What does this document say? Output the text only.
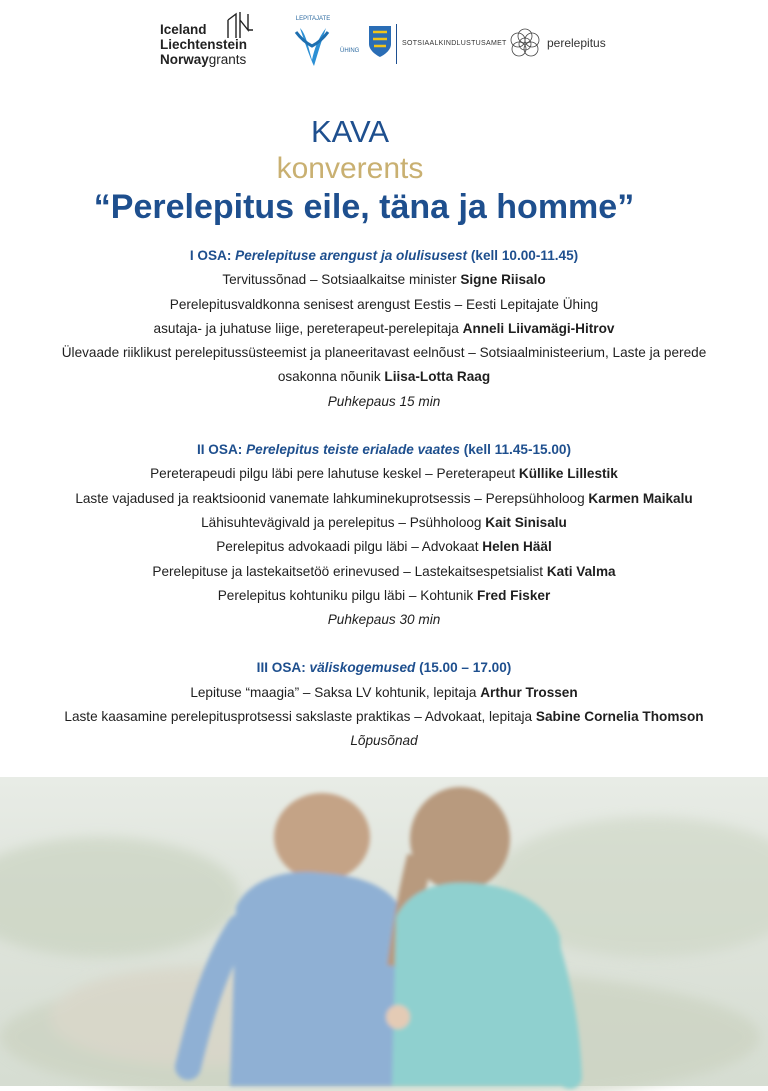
Iceland
Liechtenstein
Norwaygrants
LEPITAJATE
ÜHING
SOTSIAALKINDLUSTUSAMET	perelepitus
KAVA
konverents
“Perelepitus eile, täna ja homme”

I OSA: Perelepituse arengust ja olulisusest (kell 10.00-11.45)

Tervitussõnad – Sotsiaalkaitse minister Signe Riisalo

Perelepitusvaldkonna senisest arengust Eestis – Eesti Lepitajate Ühing

asutaja- ja juhatuse liige, pereterapeut-perelepitaja Anneli Liivamägi-Hitrov

Ülevaade riiklikust perelepitussüsteemist ja planeeritavast eelnõust – Sotsiaalministeerium, Laste ja perede

osakonna nõunik Liisa-Lotta Raag

Puhkepaus 15 min

II OSA: Perelepitus teiste erialade vaates (kell 11.45-15.00)

Pereterapeudi pilgu läbi pere lahutuse keskel – Pereterapeut Küllike Lillestik

Laste vajadused ja reaktsioonid vanemate lahkuminekuprotsessis – Perepsühholoog Karmen Maikalu

Lähisuhtevägivald ja perelepitus – Psühholoog Kait Sinisalu

Perelepitus advokaadi pilgu läbi – Advokaat Helen Hääl

Perelepituse ja lastekaitsetöö erinevused – Lastekaitsespetsialist Kati Valma

Perelepitus kohtuniku pilgu läbi – Kohtunik Fred Fisker

Puhkepaus 30 min

III OSA: väliskogemused (15.00 – 17.00)

Lepituse “maagia” – Saksa LV kohtunik, lepitaja Arthur Trossen

Laste kaasamine perelepitusprotsessi sakslaste praktikas – Advokaat, lepitaja Sabine Cornelia Thomson

Lõpusõnad
